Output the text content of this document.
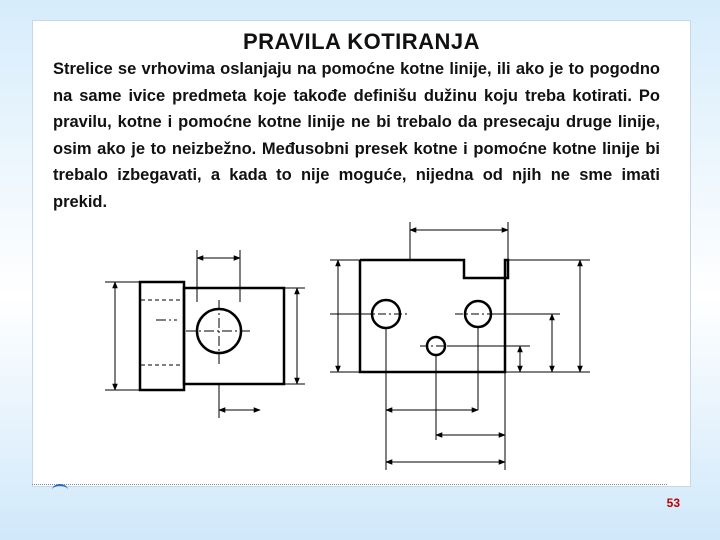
PRAVILA KOTIRANJA
Strelice se vrhovima oslanjaju na pomoćne kotne linije, ili ako je to pogodno na same ivice predmeta koje takođe definišu dužinu koju treba kotirati. Po pravilu, kotne i pomoćne kotne linije ne bi trebalo da presecaju druge linije, osim ako je to neizbežno. Međusobni presek kotne i pomoćne kotne linije bi trebalo izbegavati, a kada to nije moguće, nijedna od njih ne sme imati prekid.
53
